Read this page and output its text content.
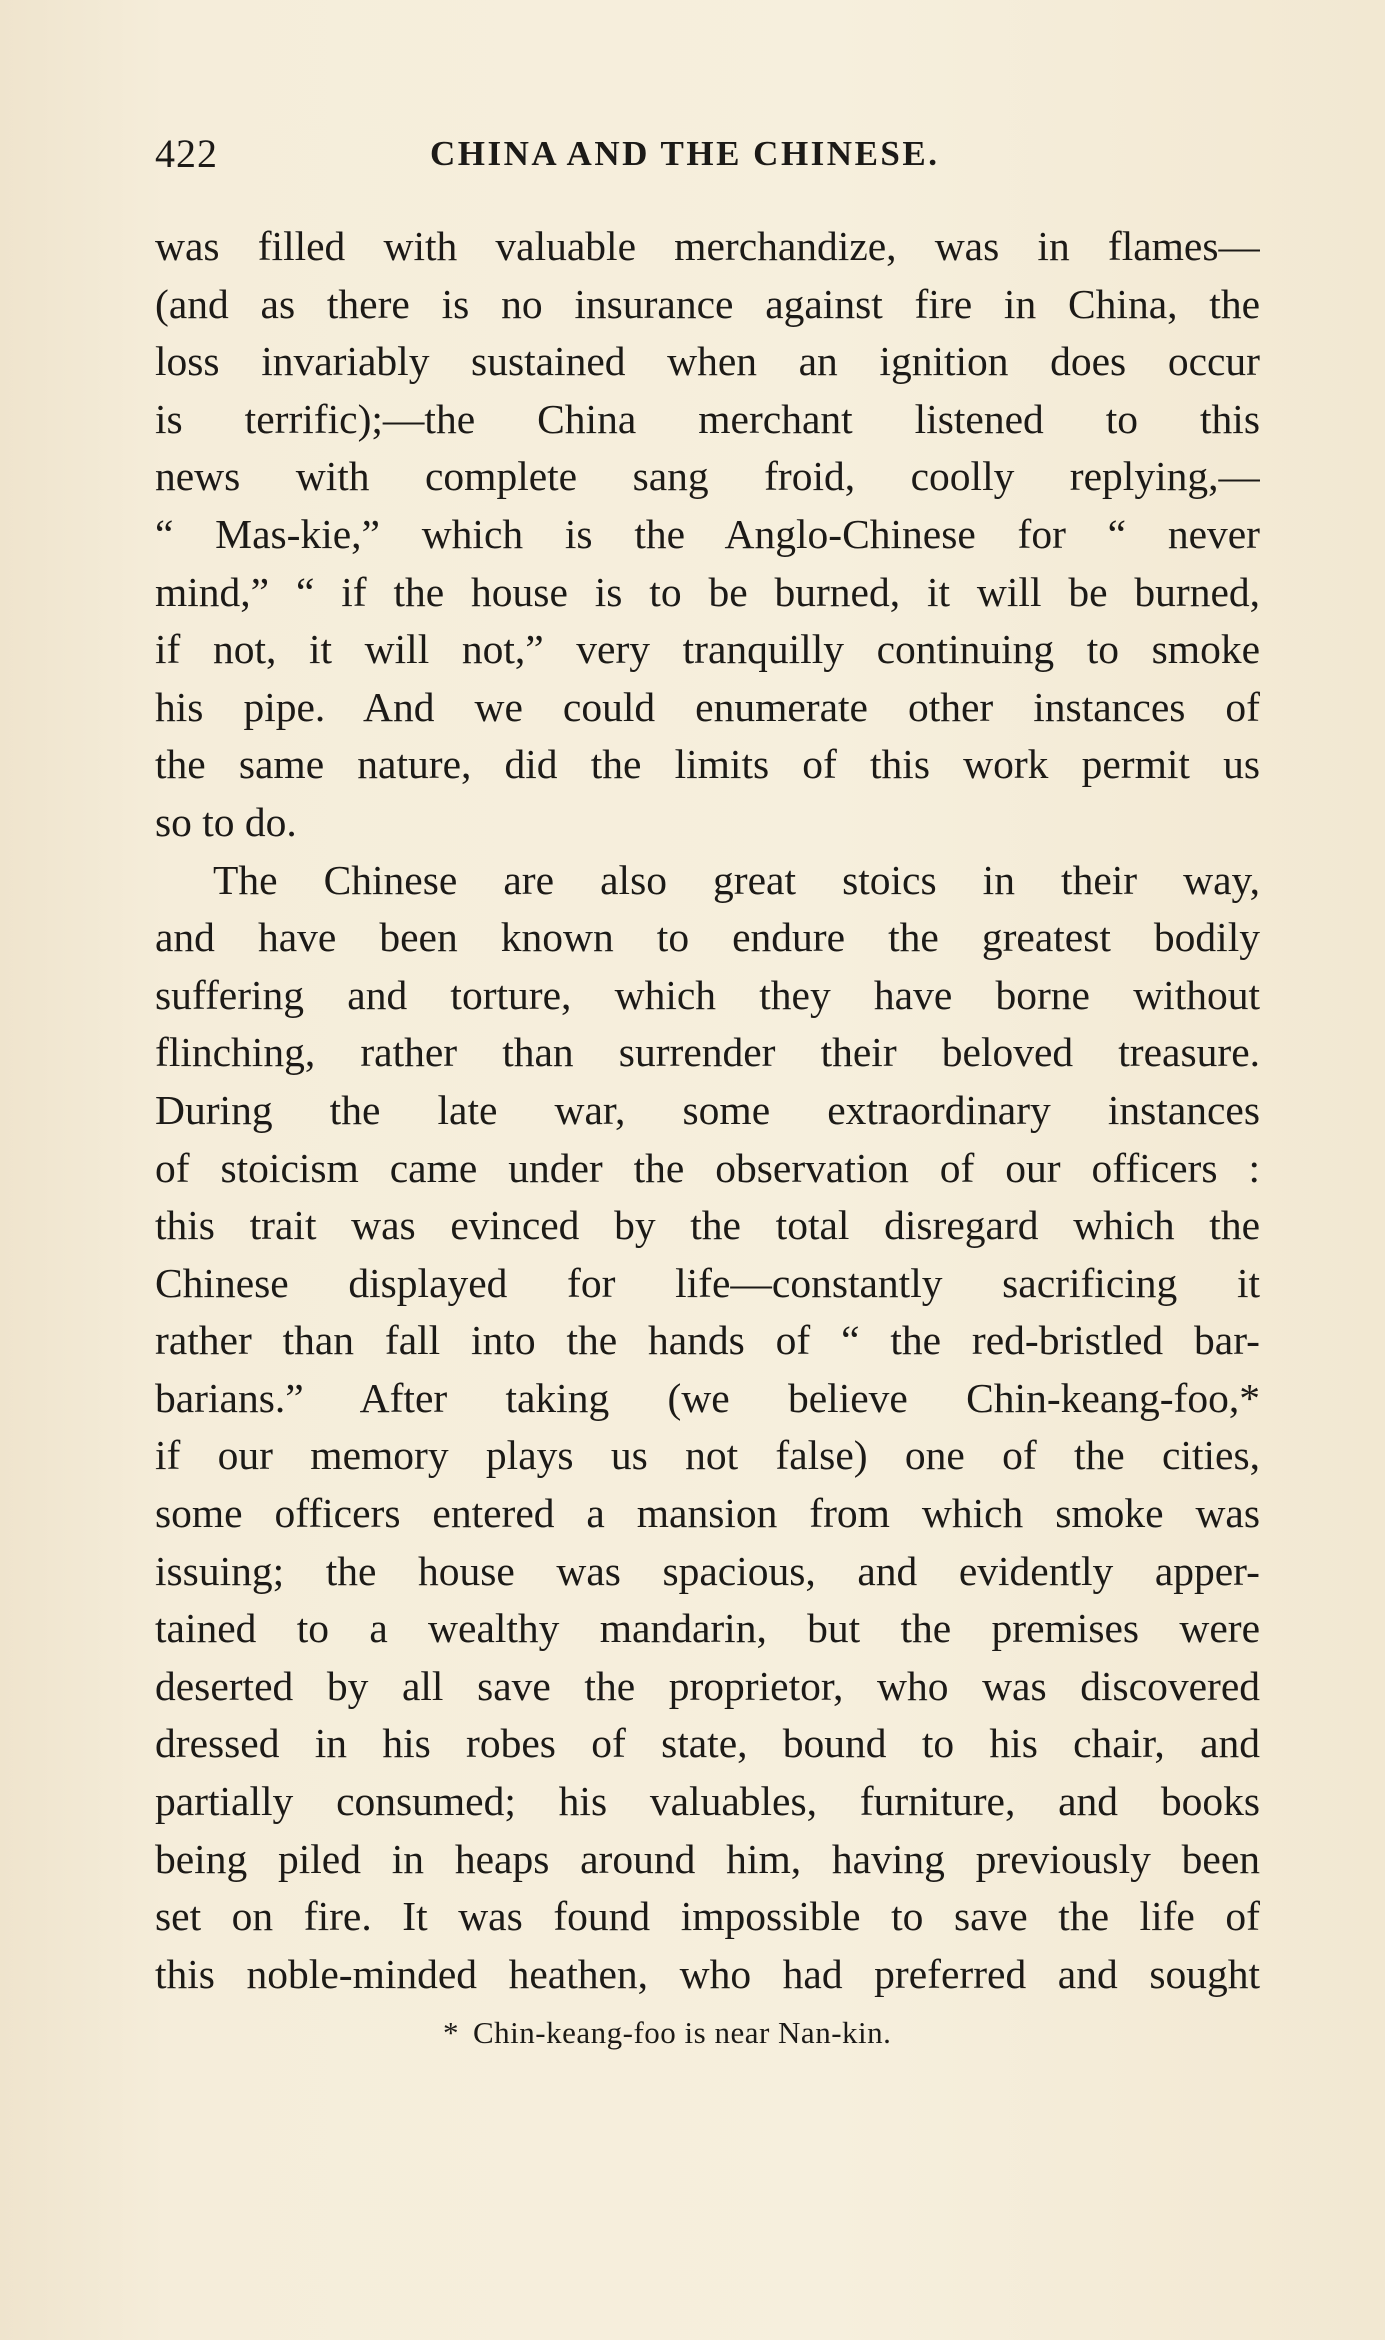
422	CHINA AND THE CHINESE.
was filled with valuable merchandize, was in flames—
(and as there is no insurance against fire in China, the
loss invariably sustained when an ignition does occur
is terrific);—the China merchant listened to this
news with complete sang froid, coolly replying,—
“ Mas-kie,” which is the Anglo-Chinese for “ never
mind,” “ if the house is to be burned, it will be burned,
if not, it will not,” very tranquilly continuing to smoke
his pipe. And we could enumerate other instances of
the same nature, did the limits of this work permit us
so to do.
The Chinese are also great stoics in their way,
and have been known to endure the greatest bodily
suffering and torture, which they have borne without
flinching, rather than surrender their beloved treasure.
During the late war, some extraordinary instances
of stoicism came under the observation of our officers :
this trait was evinced by the total disregard which the
Chinese displayed for life—constantly sacrificing it
rather than fall into the hands of “ the red-bristled bar-
barians.” After taking (we believe Chin-keang-foo,*
if our memory plays us not false) one of the cities,
some officers entered a mansion from which smoke was
issuing; the house was spacious, and evidently apper-
tained to a wealthy mandarin, but the premises were
deserted by all save the proprietor, who was discovered
dressed in his robes of state, bound to his chair, and
partially consumed; his valuables, furniture, and books
being piled in heaps around him, having previously been
set on fire. It was found impossible to save the life of
this noble-minded heathen, who had preferred and sought
* Chin-keang-foo is near Nan-kin.
